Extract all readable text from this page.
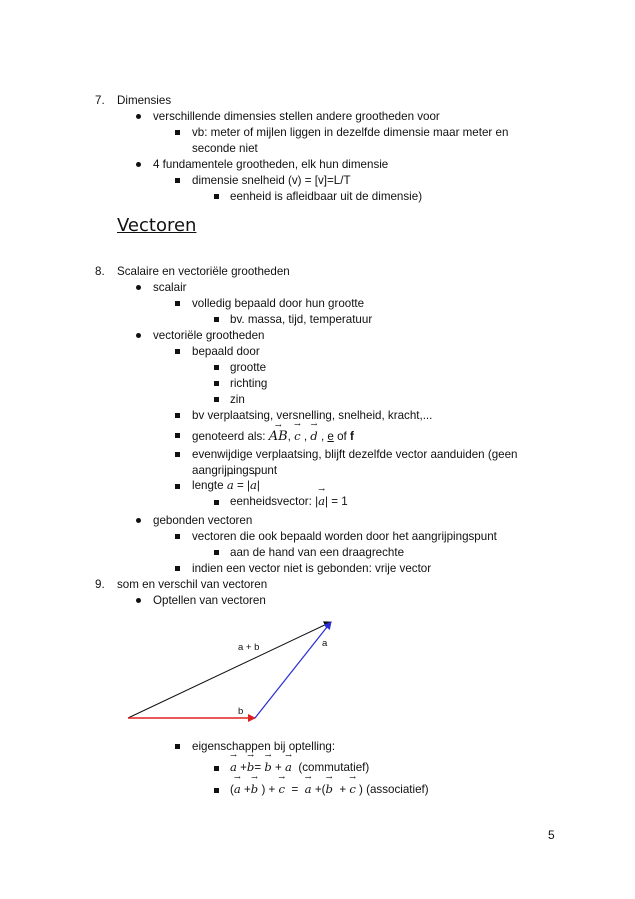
7. Dimensies
verschillende dimensies stellen andere grootheden voor
vb: meter of mijlen liggen in dezelfde dimensie maar meter en
seconde niet
4 fundamentele grootheden, elk hun dimensie
dimensie snelheid (v) = [v]=L/T
eenheid is afleidbaar uit de dimensie)
Vectoren
8. Scalaire en vectoriële grootheden
scalair
volledig bepaald door hun grootte
bv. massa, tijd, temperatuur
vectoriële grootheden
bepaald door
grootte
richting
zin
bv verplaatsing, versnelling, snelheid, kracht,...
genoteerd als: → AB, → c , → d , e of f
evenwijdige verplaatsing, blijft dezelfde vector aanduiden (geen
aangrijpingspunt
lengte → a = |→ a|
eenheidsvector: |→ a| = 1
gebonden vectoren
vectoren die ook bepaald worden door het aangrijpingspunt
aan de hand van een draagrechte
indien een vector niet is gebonden: vrije vector
9. som en verschil van vectoren
Optellen van vectoren
a + b	a
b
eigenschappen bij optelling:
→ a +→ b= → b + → a (commutatief)
(→ a +→ b ) + → c  =  → a +(→ b  + → c ) (associatief)
5
